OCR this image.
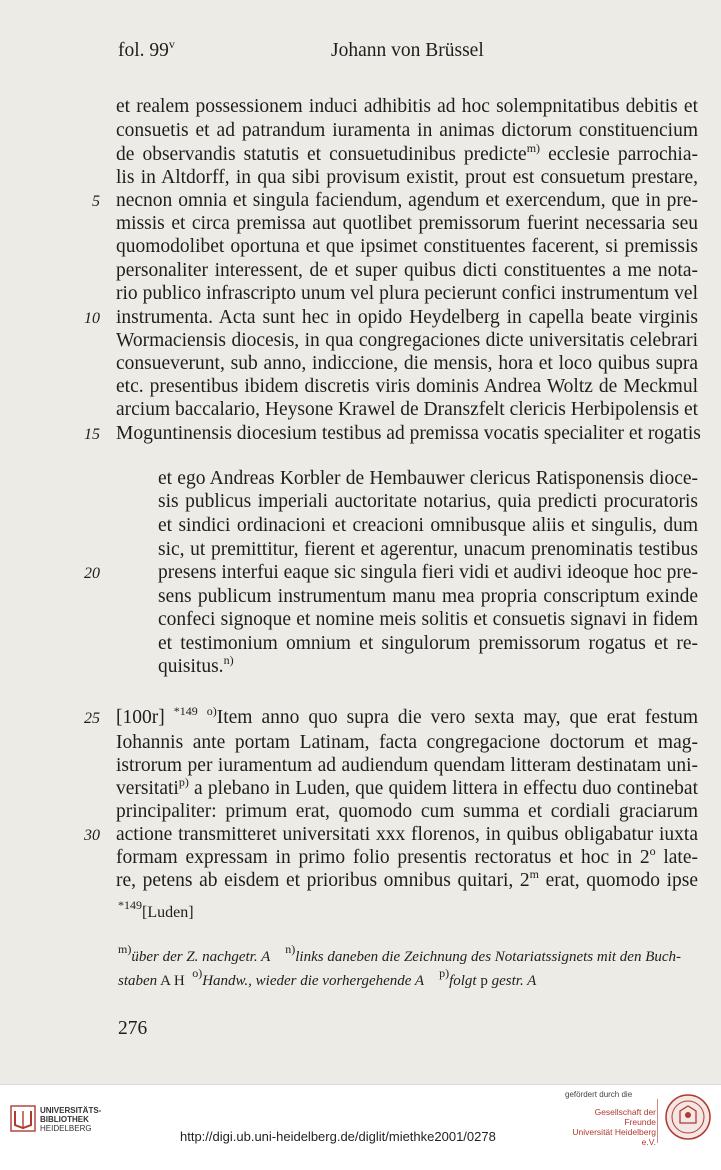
fol. 99$^v$	Johann von Brüssel
et realem possessionem induci adhibitis ad hoc solempnitatibus debitis et
consuetis et ad patrandum iuramenta in animas dictorum constituencium
de observandis statutis et consuetudinibus predicte$^{m)}$ ecclesie parrochia-
lis in Altdorff, in qua sibi provisum existit, prout est consuetum prestare,
5 necnon omnia et singula faciendum, agendum et exercendum, que in pre-
missis et circa premissa aut quotlibet premissorum fuerint necessaria seu
quomodolibet oportuna et que ipsimet constituentes facerent, si premissis
personaliter interessent, de et super quibus dicti constituentes a me nota-
rio publico infrascripto unum vel plura pecierunt confici instrumentum vel
10 instrumenta. Acta sunt hec in opido Heydelberg in capella beate virginis
Wormaciensis diocesis, in qua congregaciones dicte universitatis celebrari
consueverunt, sub anno, indiccione, die mensis, hora et loco quibus supra
etc. presentibus ibidem discretis viris dominis Andrea Woltz de Meckmul
arcium baccalario, Heysone Krawel de Dranszfelt clericis Herbipolensis et
15 Moguntinensis diocesium testibus ad premissa vocatis specialiter et rogatis
et ego Andreas Korbler de Hembauwer clericus Ratisponensis dioce-
sis publicus imperiali auctoritate notarius, quia predicti procuratoris
et sindici ordinacioni et creacioni omnibusque aliis et singulis, dum
sic, ut premittitur, fierent et agerentur, unacum prenominatis testibus
20	presens interfui eaque sic singula fieri vidi et audivi ideoque hoc pre-
sens publicum instrumentum manu mea propria conscriptum exinde
confeci signoque et nomine meis solitis et consuetis signavi in fidem
et testimonium omnium et singulorum premissorum rogatus et re-
quisitus.$^{n)}$
25 [100r] $^{*149}$ $^{o)}$Item anno quo supra die vero sexta may, que erat festum
Iohannis ante portam Latinam, facta congregacione doctorum et mag-
istrorum per iuramentum ad audiendum quendam litteram destinatam uni-
versitati$^{p)}$ a plebano in Luden, que quidem littera in effectu duo continebat
principaliter: primum erat, quomodo cum summa et cordiali graciarum
30 actione transmitteret universitati xxx florenos, in quibus obligabatur iuxta
formam expressam in primo folio presentis rectoratus et hoc in 2$^o$ late-
re, petens ab eisdem et prioribus omnibus quitari, 2$^m$ erat, quomodo ipse
$^{*149}$[Luden]
$^{m)}$über der Z. nachgetr. A $^{n)}$links daneben die Zeichnung des Notariatssignets mit den Buch-
staben A H  $^{o)}$Handw., wieder die vorhergehende A $^{p)}$folgt p gestr. A
276
UNIVERSITÄTS-
BIBLIOTHEK
HEIDELBERG
http://digi.ub.uni-heidelberg.de/diglit/miethke2001/0278
gefördert durch die
Gesellschaft der Freunde
Universität Heidelberg e.V.
